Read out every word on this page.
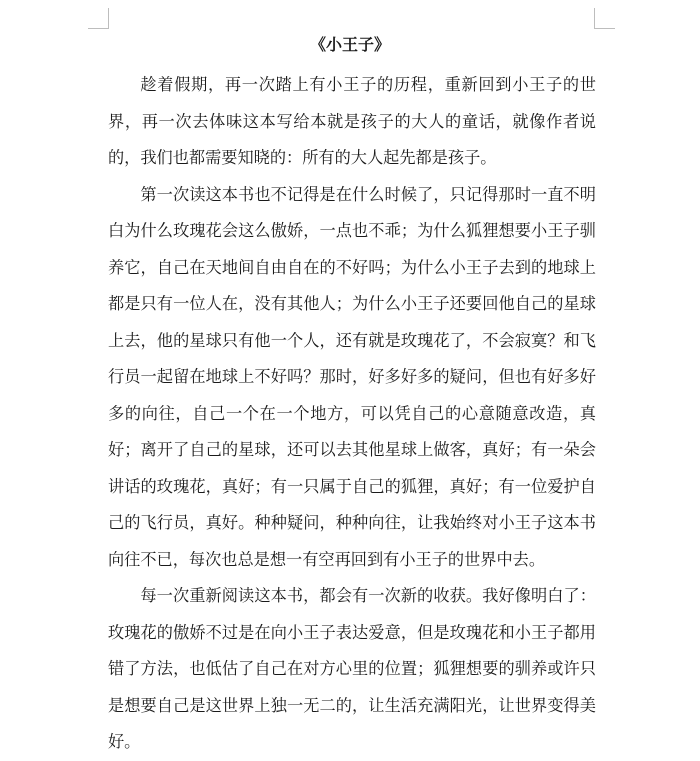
《小王子》

趁着假期，再一次踏上有小王子的历程，重新回到小王子的世界，再一次去体味这本写给本就是孩子的大人的童话，就像作者说的，我们也都需要知晓的：所有的大人起先都是孩子。

第一次读这本书也不记得是在什么时候了，只记得那时一直不明白为什么玫瑰花会这么傲娇，一点也不乖；为什么狐狸想要小王子驯养它，自己在天地间自由自在的不好吗；为什么小王子去到的地球上都是只有一位人在，没有其他人；为什么小王子还要回他自己的星球上去，他的星球只有他一个人，还有就是玫瑰花了，不会寂寞？和飞行员一起留在地球上不好吗？那时，好多好多的疑问，但也有好多好多的向往，自己一个在一个地方，可以凭自己的心意随意改造，真好；离开了自己的星球，还可以去其他星球上做客，真好；有一朵会讲话的玫瑰花，真好；有一只属于自己的狐狸，真好；有一位爱护自己的飞行员，真好。种种疑问，种种向往，让我始终对小王子这本书向往不已，每次也总是想一有空再回到有小王子的世界中去。

每一次重新阅读这本书，都会有一次新的收获。我好像明白了：玫瑰花的傲娇不过是在向小王子表达爱意，但是玫瑰花和小王子都用错了方法，也低估了自己在对方心里的位置；狐狸想要的驯养或许只是想要自己是这世界上独一无二的，让生活充满阳光，让世界变得美好。
